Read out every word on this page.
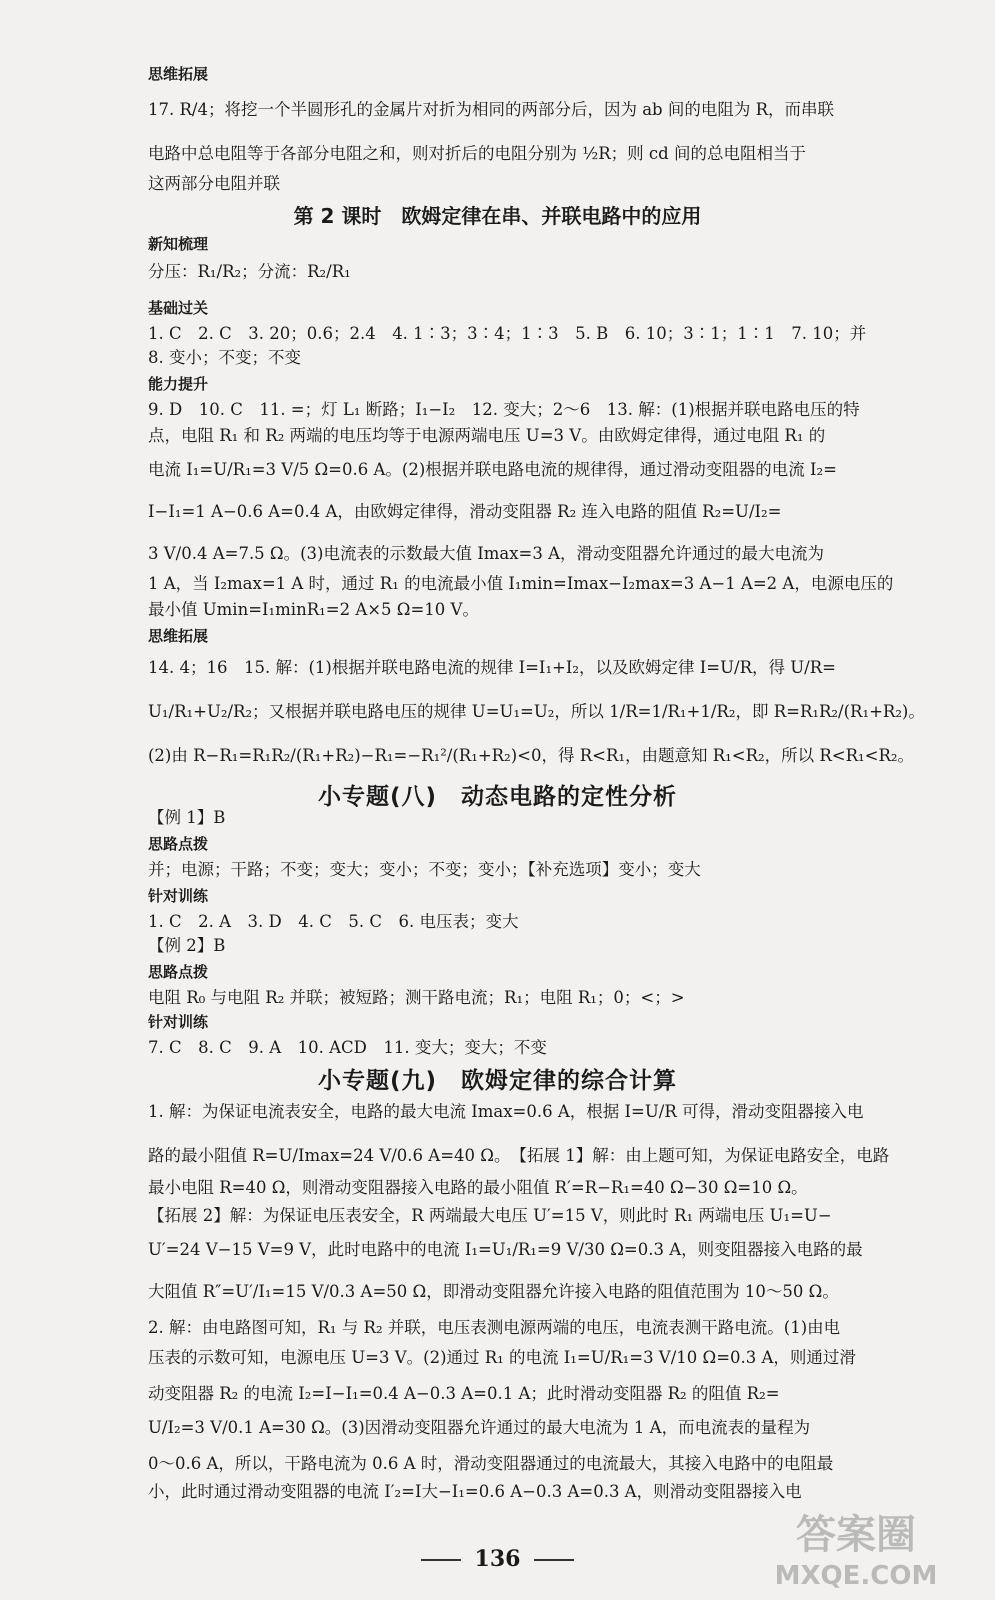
思维拓展
17. R/4；将挖一个半圆形孔的金属片对折为相同的两部分后，因为 ab 间的电阻为 R，而串联
电路中总电阻等于各部分电阻之和，则对折后的电阻分别为 ½R；则 cd 间的总电阻相当于
这两部分电阻并联
第 2 课时　欧姆定律在串、并联电路中的应用
新知梳理
分压：R₁/R₂；分流：R₂/R₁
基础过关
1. C　2. C　3. 20；0.6；2.4　4. 1∶3；3∶4；1∶3　5. B　6. 10；3∶1；1∶1　7. 10；并
8. 变小；不变；不变
能力提升
9. D　10. C　11. =；灯 L₁ 断路；I₁−I₂　12. 变大；2～6　13. 解：(1)根据并联电路电压的特
点，电阻 R₁ 和 R₂ 两端的电压均等于电源两端电压 U=3 V。由欧姆定律得，通过电阻 R₁ 的
电流 I₁=U/R₁=3 V/5 Ω=0.6 A。(2)根据并联电路电流的规律得，通过滑动变阻器的电流 I₂=
I−I₁=1 A−0.6 A=0.4 A，由欧姆定律得，滑动变阻器 R₂ 连入电路的阻值 R₂=U/I₂=
3 V/0.4 A=7.5 Ω。(3)电流表的示数最大值 Imax=3 A，滑动变阻器允许通过的最大电流为
1 A，当 I₂max=1 A 时，通过 R₁ 的电流最小值 I₁min=Imax−I₂max=3 A−1 A=2 A，电源电压的
最小值 Umin=I₁minR₁=2 A×5 Ω=10 V。
思维拓展
14. 4；16　15. 解：(1)根据并联电路电流的规律 I=I₁+I₂，以及欧姆定律 I=U/R，得 U/R=
U₁/R₁+U₂/R₂；又根据并联电路电压的规律 U=U₁=U₂，所以 1/R=1/R₁+1/R₂，即 R=R₁R₂/(R₁+R₂)。
(2)由 R−R₁=R₁R₂/(R₁+R₂)−R₁=−R₁²/(R₁+R₂)<0，得 R<R₁，由题意知 R₁<R₂，所以 R<R₁<R₂。
小专题(八)　动态电路的定性分析
【例 1】B
思路点拨
并；电源；干路；不变；变大；变小；不变；变小；【补充选项】变小；变大
针对训练
1. C　2. A　3. D　4. C　5. C　6. 电压表；变大
【例 2】B
思路点拨
电阻 R₀ 与电阻 R₂ 并联；被短路；测干路电流；R₁；电阻 R₁；0；<；>
针对训练
7. C　8. C　9. A　10. ACD　11. 变大；变大；不变
小专题(九)　欧姆定律的综合计算
1. 解：为保证电流表安全，电路的最大电流 Imax=0.6 A，根据 I=U/R 可得，滑动变阻器接入电
路的最小阻值 R=U/Imax=24 V/0.6 A=40 Ω。　【拓展 1】解：由上题可知，为保证电路安全，电路
最小电阻 R=40 Ω，则滑动变阻器接入电路的最小阻值 R′=R−R₁=40 Ω−30 Ω=10 Ω。
【拓展 2】解：为保证电压表安全，R 两端最大电压 U′=15 V，则此时 R₁ 两端电压 U₁=U−
U′=24 V−15 V=9 V，此时电路中的电流 I₁=U₁/R₁=9 V/30 Ω=0.3 A，则变阻器接入电路的最
大阻值 R″=U′/I₁=15 V/0.3 A=50 Ω，即滑动变阻器允许接入电路的阻值范围为 10～50 Ω。
2. 解：由电路图可知，R₁ 与 R₂ 并联，电压表测电源两端的电压，电流表测干路电流。(1)由电
压表的示数可知，电源电压 U=3 V。(2)通过 R₁ 的电流 I₁=U/R₁=3 V/10 Ω=0.3 A，则通过滑
动变阻器 R₂ 的电流 I₂=I−I₁=0.4 A−0.3 A=0.1 A；此时滑动变阻器 R₂ 的阻值 R₂=
U/I₂=3 V/0.1 A=30 Ω。(3)因滑动变阻器允许通过的最大电流为 1 A，而电流表的量程为
0～0.6 A，所以，干路电流为 0.6 A 时，滑动变阻器通过的电流最大，其接入电路中的电阻最
小，此时通过滑动变阻器的电流 I′₂=I大−I₁=0.6 A−0.3 A=0.3 A，则滑动变阻器接入电
136
答案圈
MXQE.COM
